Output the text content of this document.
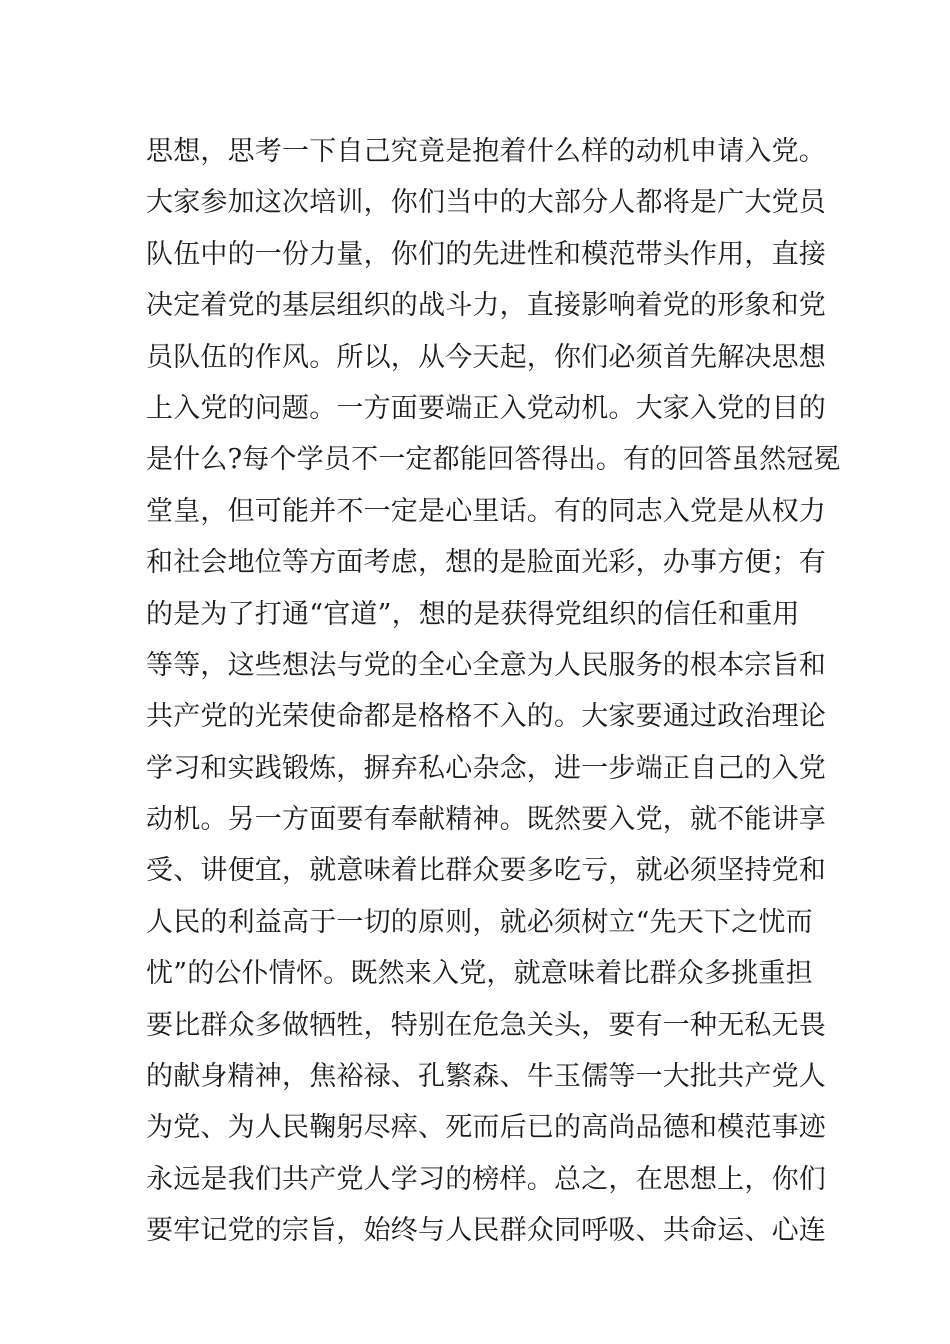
思想，思考一下自己究竟是抱着什么样的动机申请入党。
大家参加这次培训，你们当中的大部分人都将是广大党员
队伍中的一份力量，你们的先进性和模范带头作用，直接
决定着党的基层组织的战斗力，直接影响着党的形象和党
员队伍的作风。所以，从今天起，你们必须首先解决思想
上入党的问题。一方面要端正入党动机。大家入党的目的
是什么?每个学员不一定都能回答得出。有的回答虽然冠冕
堂皇，但可能并不一定是心里话。有的同志入党是从权力
和社会地位等方面考虑，想的是脸面光彩，办事方便；有
的是为了打通“官道”，想的是获得党组织的信任和重用
等等，这些想法与党的全心全意为人民服务的根本宗旨和
共产党的光荣使命都是格格不入的。大家要通过政治理论
学习和实践锻炼，摒弃私心杂念，进一步端正自己的入党
动机。另一方面要有奉献精神。既然要入党，就不能讲享
受、讲便宜，就意味着比群众要多吃亏，就必须坚持党和
人民的利益高于一切的原则，就必须树立“先天下之忧而
忧”的公仆情怀。既然来入党，就意味着比群众多挑重担
要比群众多做牺牲，特别在危急关头，要有一种无私无畏
的献身精神，焦裕禄、孔繁森、牛玉儒等一大批共产党人
为党、为人民鞠躬尽瘁、死而后已的高尚品德和模范事迹
永远是我们共产党人学习的榜样。总之，在思想上，你们
要牢记党的宗旨，始终与人民群众同呼吸、共命运、心连
